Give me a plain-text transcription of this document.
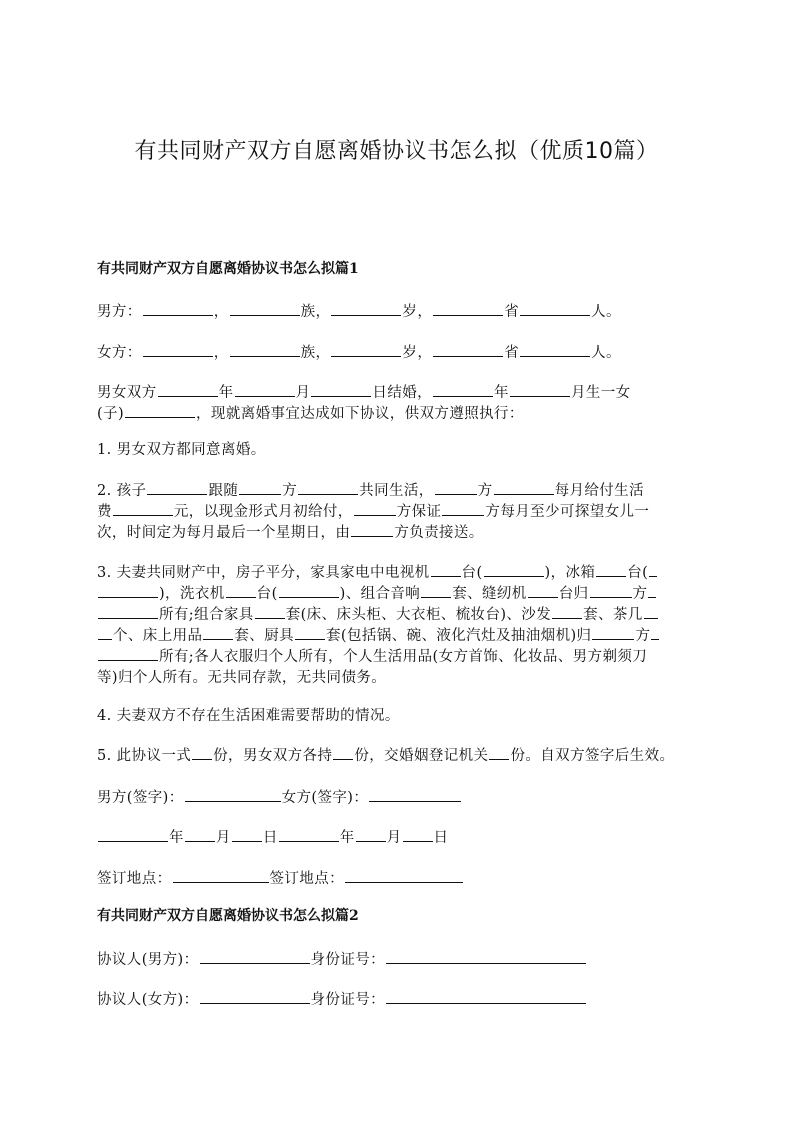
有共同财产双方自愿离婚协议书怎么拟（优质10篇）
有共同财产双方自愿离婚协议书怎么拟篇1
男方：	，	族，	岁，	省	人。
女方：	，	族，	岁，	省	人。
男女双方	年	月	日结婚，	年	月生一女
(子)	，现就离婚事宜达成如下协议，供双方遵照执行：
1. 男女双方都同意离婚。
2. 孩子	跟随	方	共同生活，	方	每月给付生活
费	元，以现金形式月初给付，	方保证	方每月至少可探望女儿一
次，时间定为每月最后一个星期日，由	方负责接送。
3. 夫妻共同财产中，房子平分，家具家电中电视机 台(	)，冰箱 台(
)，洗衣机 台(	)、组合音响 套、缝纫机 台归	方
所有;组合家具 套(床、床头柜、大衣柜、梳妆台)、沙发 套、茶几
个、床上用品 套、厨具 套(包括锅、碗、液化汽灶及抽油烟机)归	方
所有;各人衣服归个人所有，个人生活用品(女方首饰、化妆品、男方剃须刀
等)归个人所有。无共同存款，无共同债务。
4. 夫妻双方不存在生活困难需要帮助的情况。
5. 此协议一式 份，男女双方各持 份，交婚姻登记机关 份。自双方签字后生效。
男方(签字)：	女方(签字)：
年 月 日	年 月 日
签订地点：	签订地点：
有共同财产双方自愿离婚协议书怎么拟篇2
协议人(男方)：	身份证号：
协议人(女方)：	身份证号：
